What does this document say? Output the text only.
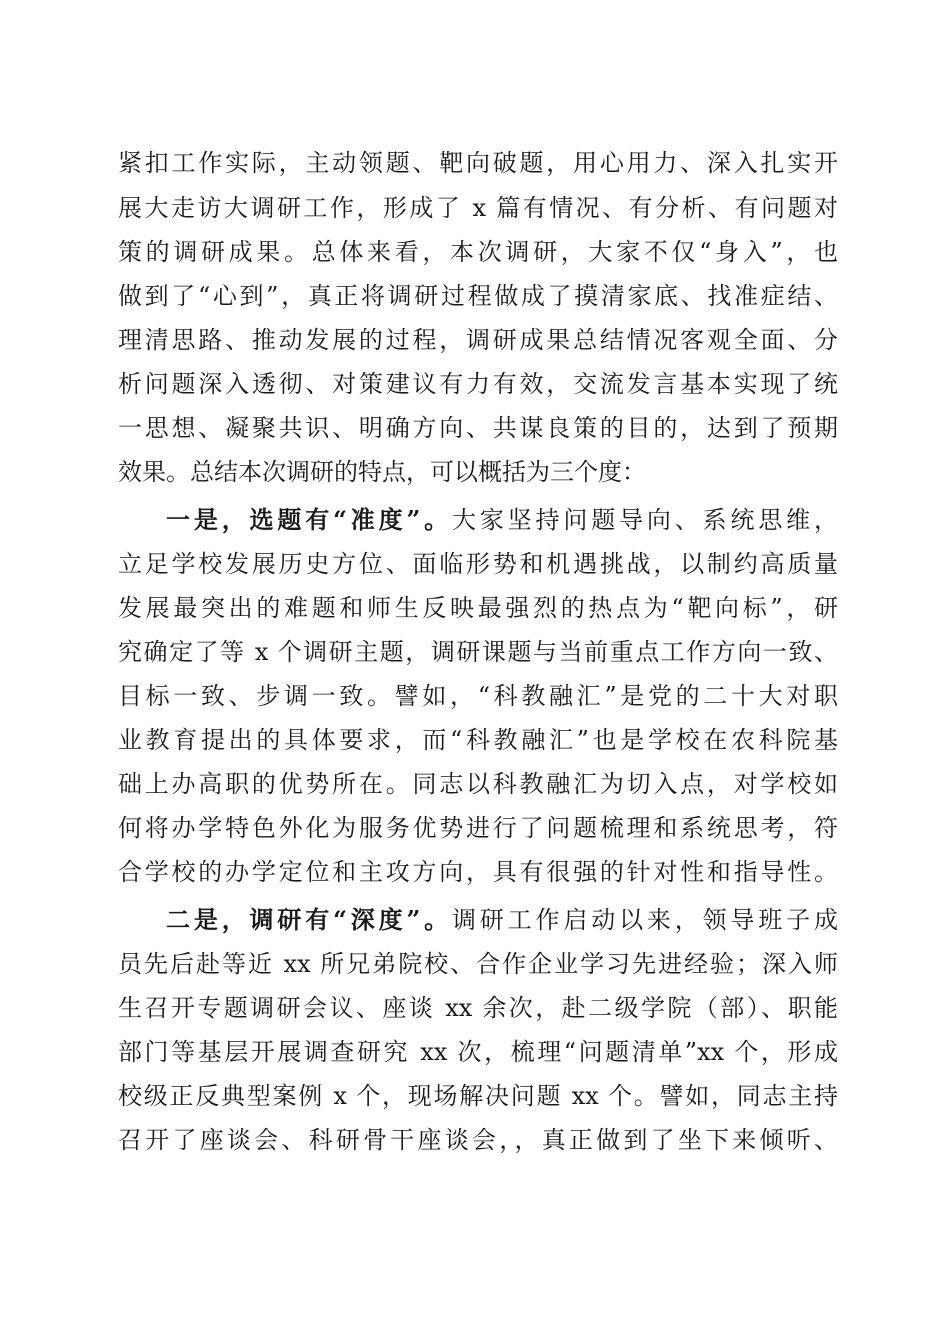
紧扣工作实际，主动领题、靶向破题，用心用力、深入扎实开
展大走访大调研工作，形成了 x 篇有情况、有分析、有问题对
策的调研成果。总体来看，本次调研，大家不仅“身入”，也
做到了“心到”，真正将调研过程做成了摸清家底、找准症结、
理清思路、推动发展的过程，调研成果总结情况客观全面、分
析问题深入透彻、对策建议有力有效，交流发言基本实现了统
一思想、凝聚共识、明确方向、共谋良策的目的，达到了预期
效果。总结本次调研的特点，可以概括为三个度：
一是，选题有“准度”。大家坚持问题导向、系统思维，
立足学校发展历史方位、面临形势和机遇挑战，以制约高质量
发展最突出的难题和师生反映最强烈的热点为“靶向标”，研
究确定了等 x 个调研主题，调研课题与当前重点工作方向一致、
目标一致、步调一致。譬如，“科教融汇”是党的二十大对职
业教育提出的具体要求，而“科教融汇”也是学校在农科院基
础上办高职的优势所在。同志以科教融汇为切入点，对学校如
何将办学特色外化为服务优势进行了问题梳理和系统思考，符
合学校的办学定位和主攻方向，具有很强的针对性和指导性。
二是，调研有“深度”。调研工作启动以来，领导班子成
员先后赴等近 xx 所兄弟院校、合作企业学习先进经验；深入师
生召开专题调研会议、座谈 xx 余次，赴二级学院（部）、职能
部门等基层开展调查研究 xx 次，梳理“问题清单”xx 个，形成
校级正反典型案例 x 个，现场解决问题 xx 个。譬如，同志主持
召开了座谈会、科研骨干座谈会，，真正做到了坐下来倾听、
